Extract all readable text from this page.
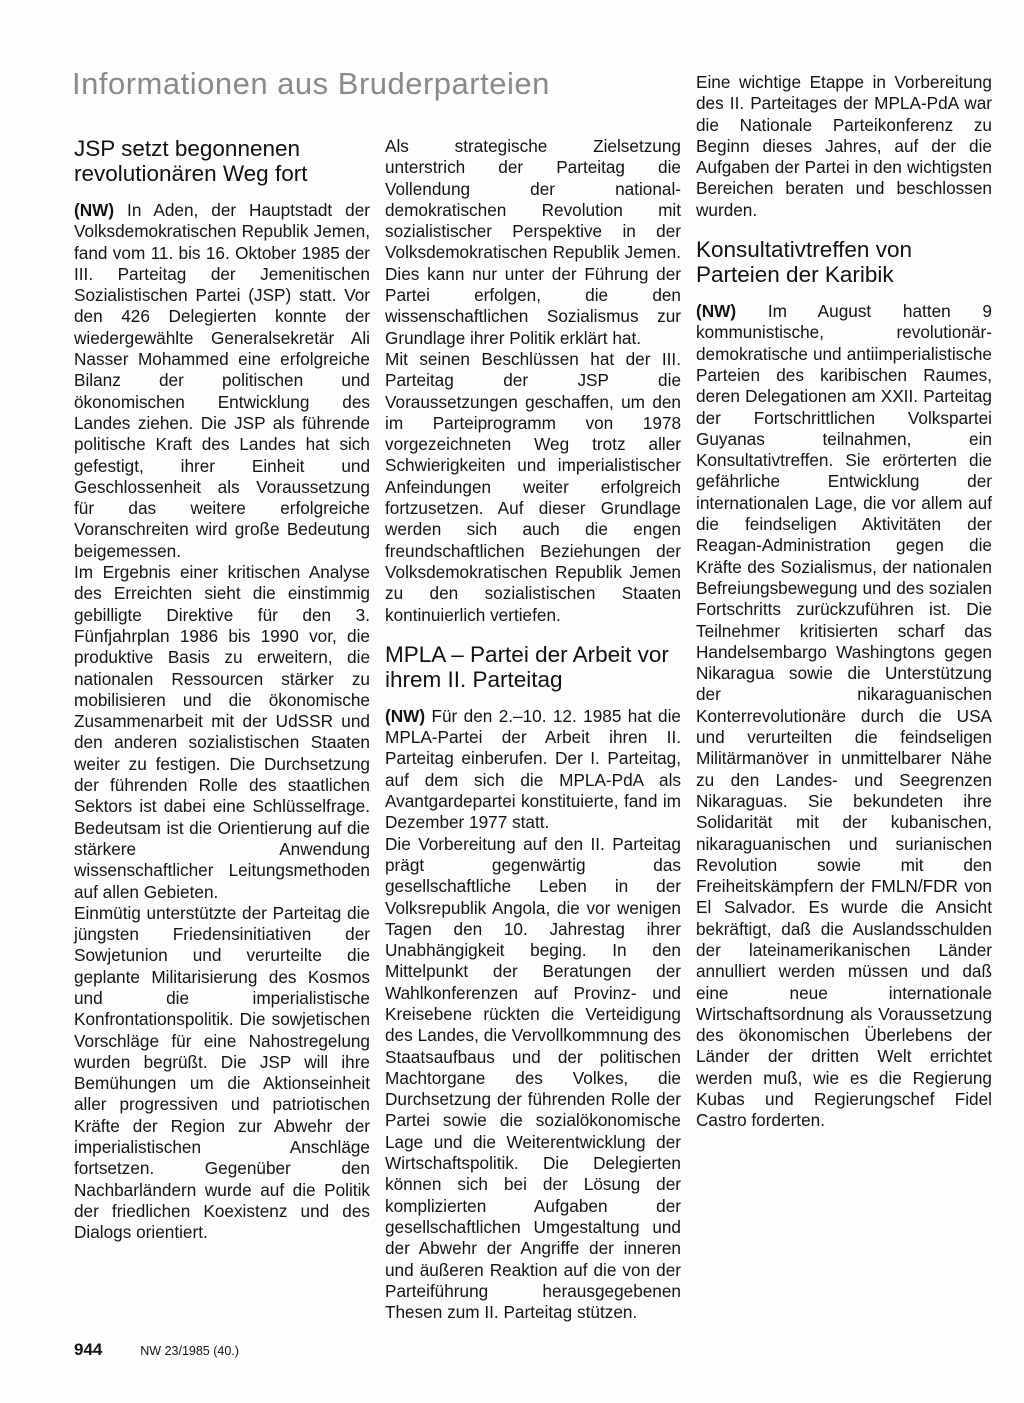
Informationen aus Bruderparteien
JSP setzt begonnenen revolutionären Weg fort

(NW) In Aden, der Hauptstadt der Volksdemokratischen Republik Jemen, fand vom 11. bis 16. Oktober 1985 der III. Parteitag der Jemenitischen Sozialistischen Partei (JSP) statt. Vor den 426 Delegierten konnte der wiedergewählte Generalsekretär Ali Nasser Mohammed eine erfolgreiche Bilanz der politischen und ökonomischen Entwicklung des Landes ziehen. Die JSP als führende politische Kraft des Landes hat sich gefestigt, ihrer Einheit und Geschlossenheit als Voraussetzung für das weitere erfolgreiche Voranschreiten wird große Bedeutung beigemessen.

Im Ergebnis einer kritischen Analyse des Erreichten sieht die einstimmig gebilligte Direktive für den 3. Fünfjahrplan 1986 bis 1990 vor, die produktive Basis zu erweitern, die nationalen Ressourcen stärker zu mobilisieren und die ökonomische Zusammenarbeit mit der UdSSR und den anderen sozialistischen Staaten weiter zu festigen. Die Durchsetzung der führenden Rolle des staatlichen Sektors ist dabei eine Schlüsselfrage. Bedeutsam ist die Orientierung auf die stärkere Anwendung wissenschaftlicher Leitungsmethoden auf allen Gebieten.

Einmütig unterstützte der Parteitag die jüngsten Friedensinitiativen der Sowjetunion und verurteilte die geplante Militarisierung des Kosmos und die imperialistische Konfrontationspolitik. Die sowjetischen Vorschläge für eine Nahostregelung wurden begrüßt. Die JSP will ihre Bemühungen um die Aktionseinheit aller progressiven und patriotischen Kräfte der Region zur Abwehr der imperialistischen Anschläge fortsetzen. Gegenüber den Nachbarländern wurde auf die Politik der friedlichen Koexistenz und des Dialogs orientiert.

Als strategische Zielsetzung unterstrich der Parteitag die Vollendung der national-demokratischen Revolution mit sozialistischer Perspektive in der Volksdemokratischen Republik Jemen. Dies kann nur unter der Führung der Partei erfolgen, die den wissenschaftlichen Sozialismus zur Grundlage ihrer Politik erklärt hat.

Mit seinen Beschlüssen hat der III. Parteitag der JSP die Voraussetzungen geschaffen, um den im Parteiprogramm von 1978 vorgezeichneten Weg trotz aller Schwierigkeiten und imperialistischer Anfeindungen weiter erfolgreich fortzusetzen. Auf dieser Grundlage werden sich auch die engen freundschaftlichen Beziehungen der Volksdemokratischen Republik Jemen zu den sozialistischen Staaten kontinuierlich vertiefen.

MPLA – Partei der Arbeit vor ihrem II. Parteitag

(NW) Für den 2.–10. 12. 1985 hat die MPLA-Partei der Arbeit ihren II. Parteitag einberufen. Der I. Parteitag, auf dem sich die MPLA-PdA als Avantgardepartei konstituierte, fand im Dezember 1977 statt.

Die Vorbereitung auf den II. Parteitag prägt gegenwärtig das gesellschaftliche Leben in der Volksrepublik Angola, die vor wenigen Tagen den 10. Jahrestag ihrer Unabhängigkeit beging. In den Mittelpunkt der Beratungen der Wahlkonferenzen auf Provinz- und Kreisebene rückten die Verteidigung des Landes, die Vervollkommnung des Staatsaufbaus und der politischen Machtorgane des Volkes, die Durchsetzung der führenden Rolle der Partei sowie die sozialökonomische Lage und die Weiterentwicklung der Wirtschaftspolitik. Die Delegierten können sich bei der Lösung der komplizierten Aufgaben der gesellschaftlichen Umgestaltung und der Abwehr der Angriffe der inneren und äußeren Reaktion auf die von der Parteiführung herausgegebenen Thesen zum II. Parteitag stützen.

Eine wichtige Etappe in Vorbereitung des II. Parteitages der MPLA-PdA war die Nationale Parteikonferenz zu Beginn dieses Jahres, auf der die Aufgaben der Partei in den wichtigsten Bereichen beraten und beschlossen wurden.

Konsultativtreffen von Parteien der Karibik

(NW) Im August hatten 9 kommunistische, revolutionär-demokratische und antiimperialistische Parteien des karibischen Raumes, deren Delegationen am XXII. Parteitag der Fortschrittlichen Volkspartei Guyanas teilnahmen, ein Konsultativtreffen. Sie erörterten die gefährliche Entwicklung der internationalen Lage, die vor allem auf die feindseligen Aktivitäten der Reagan-Administration gegen die Kräfte des Sozialismus, der nationalen Befreiungsbewegung und des sozialen Fortschritts zurückzuführen ist. Die Teilnehmer kritisierten scharf das Handelsembargo Washingtons gegen Nikaragua sowie die Unterstützung der nikaraguanischen Konterrevolutionäre durch die USA und verurteilten die feindseligen Militärmanöver in unmittelbarer Nähe zu den Landes- und Seegrenzen Nikaraguas. Sie bekundeten ihre Solidarität mit der kubanischen, nikaraguanischen und surianischen Revolution sowie mit den Freiheitskämpfern der FMLN/FDR von El Salvador. Es wurde die Ansicht bekräftigt, daß die Auslandsschulden der lateinamerikanischen Länder annulliert werden müssen und daß eine neue internationale Wirtschaftsordnung als Voraussetzung des ökonomischen Überlebens der Länder der dritten Welt errichtet werden muß, wie es die Regierung Kubas und Regierungschef Fidel Castro forderten.

944	NW 23/1985 (40.)
